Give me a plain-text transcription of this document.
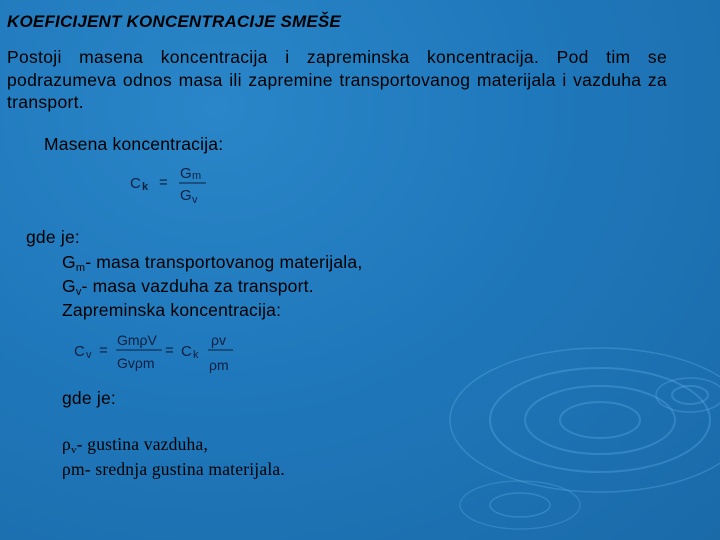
KOEFICIJENT KONCENTRACIJE SMEŠE
Postoji masena koncentracija i zapreminska koncentracija. Pod tim se podrazumeva odnos masa ili zapremine transportovanog materijala i vazduha za transport.
Masena koncentracija:
C k =
G m
G v
gde je:
$G_m-$ masa transportovanog materijala,
$G_v-$ masa vazduha za transport.
Zapreminska koncentracija:
C v =
GmρV
Gvρm
= C k
ρv
ρm
gde je:
$\rho_v-$ gustina vazduha,
ρm- srednja gustina materijala.
